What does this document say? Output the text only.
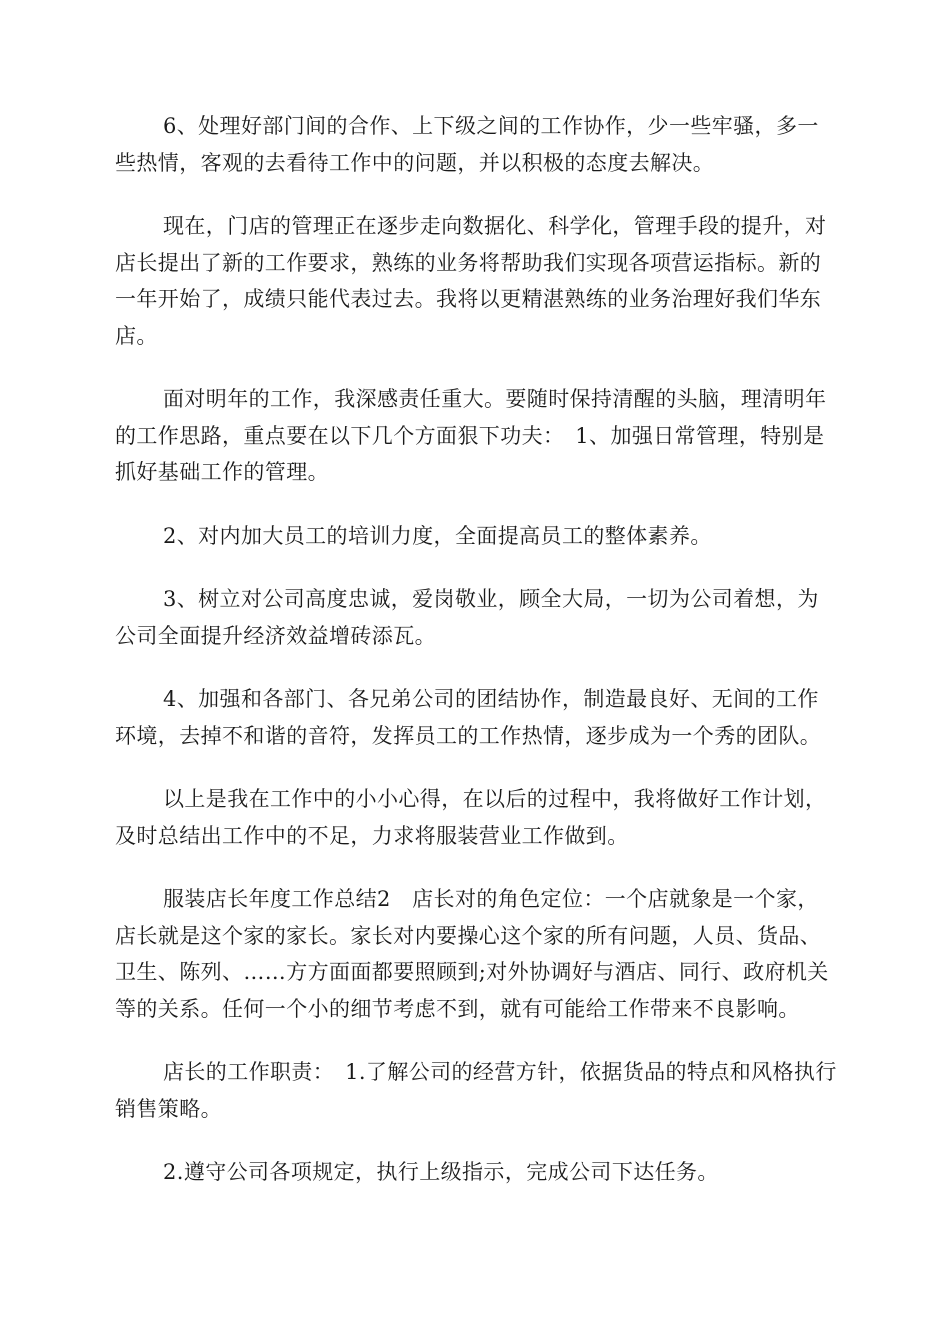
6、处理好部门间的合作、上下级之间的工作协作，少一些牢骚，多一些热情，客观的去看待工作中的问题，并以积极的态度去解决。

现在，门店的管理正在逐步走向数据化、科学化，管理手段的提升，对店长提出了新的工作要求，熟练的业务将帮助我们实现各项营运指标。新的一年开始了，成绩只能代表过去。我将以更精湛熟练的业务治理好我们华东店。

面对明年的工作，我深感责任重大。要随时保持清醒的头脑，理清明年的工作思路，重点要在以下几个方面狠下功夫：　1、加强日常管理，特别是抓好基础工作的管理。

2、对内加大员工的培训力度，全面提高员工的整体素养。

3、树立对公司高度忠诚，爱岗敬业，顾全大局，一切为公司着想，为公司全面提升经济效益增砖添瓦。

4、加强和各部门、各兄弟公司的团结协作，制造最良好、无间的工作环境，去掉不和谐的音符，发挥员工的工作热情，逐步成为一个秀的团队。

以上是我在工作中的小小心得，在以后的过程中，我将做好工作计划，及时总结出工作中的不足，力求将服装营业工作做到。

服装店长年度工作总结2　店长对的角色定位：一个店就象是一个家，店长就是这个家的家长。家长对内要操心这个家的所有问题，人员、货品、卫生、陈列、……方方面面都要照顾到;对外协调好与酒店、同行、政府机关等的关系。任何一个小的细节考虑不到，就有可能给工作带来不良影响。

店长的工作职责：　1.了解公司的经营方针，依据货品的特点和风格执行销售策略。

2.遵守公司各项规定，执行上级指示，完成公司下达任务。
